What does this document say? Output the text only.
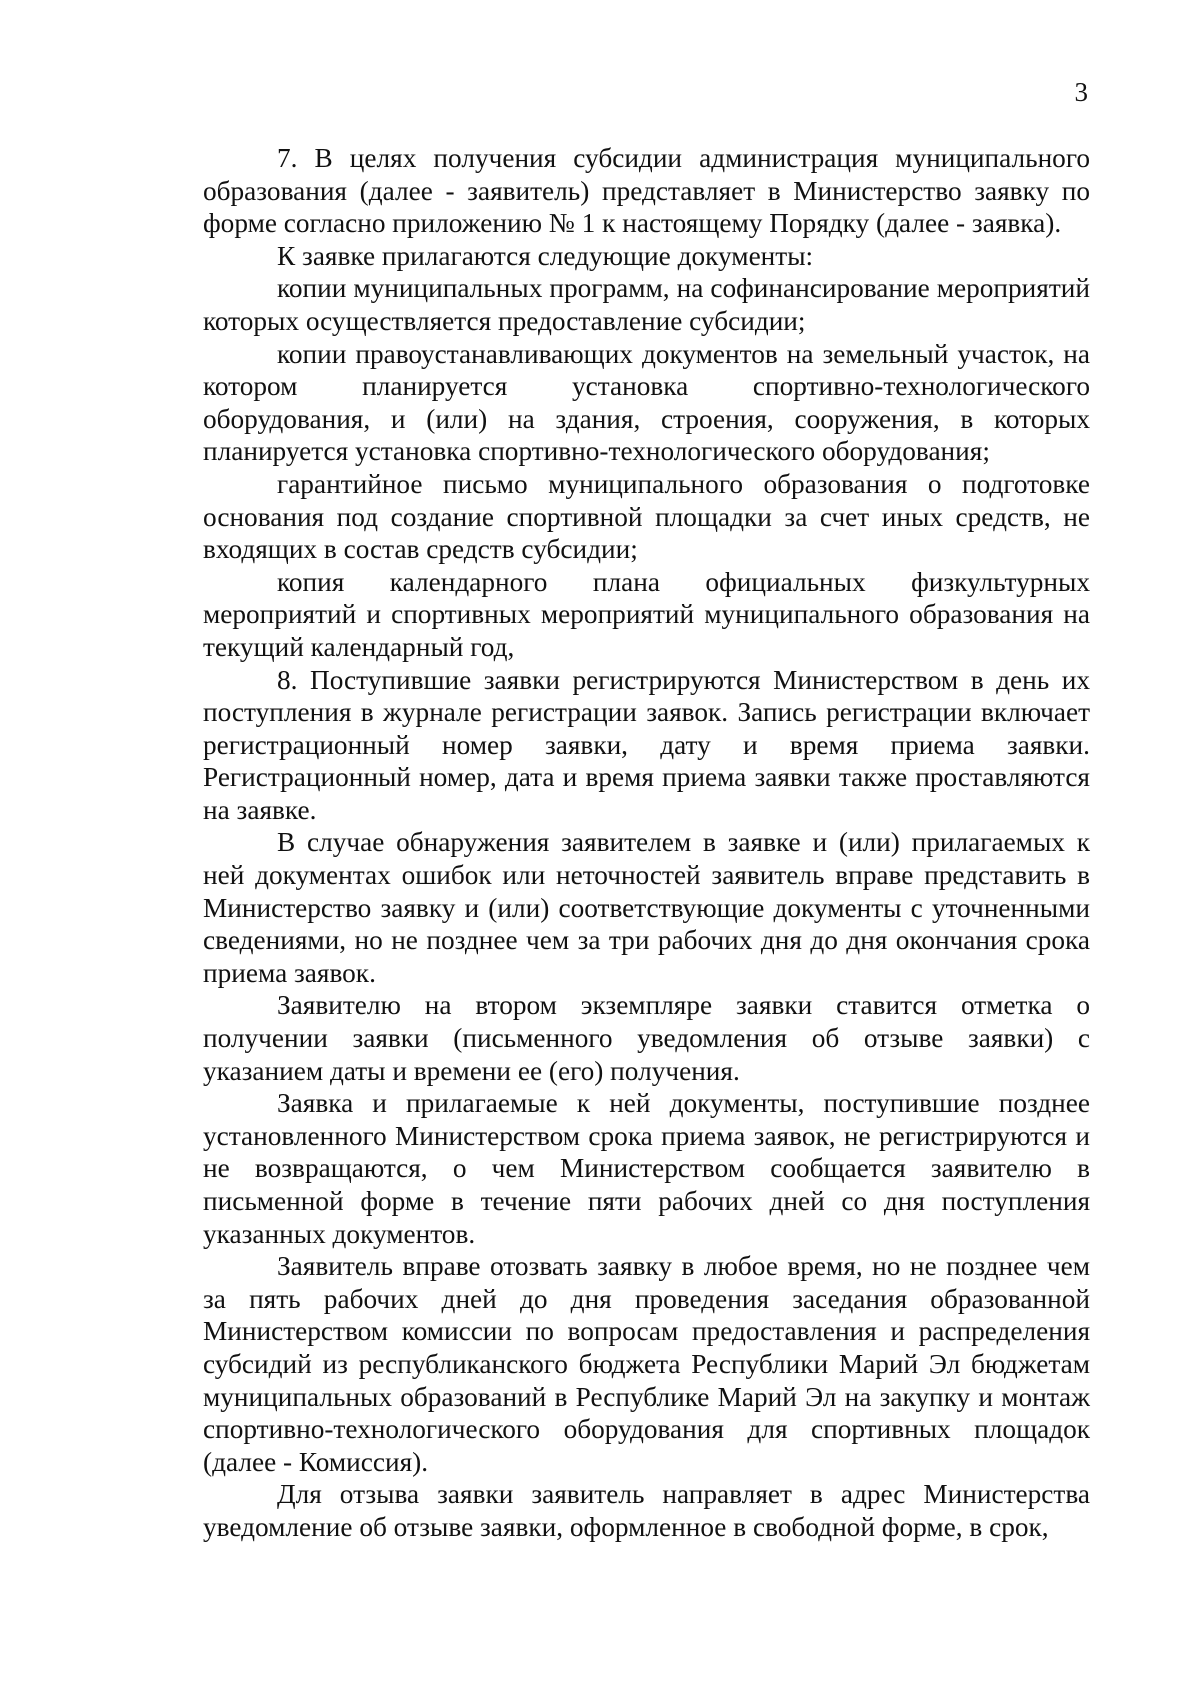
3

7. В целях получения субсидии администрация муниципального образования (далее - заявитель) представляет в Министерство заявку по форме согласно приложению № 1 к настоящему Порядку (далее - заявка).

К заявке прилагаются следующие документы:

копии муниципальных программ, на софинансирование мероприятий которых осуществляется предоставление субсидии;

копии правоустанавливающих документов на земельный участок, на котором планируется установка спортивно-технологического оборудования, и (или) на здания, строения, сооружения, в которых планируется установка спортивно-технологического оборудования;

гарантийное письмо муниципального образования о подготовке основания под создание спортивной площадки за счет иных средств, не входящих в состав средств субсидии;

копия календарного плана официальных физкультурных мероприятий и спортивных мероприятий муниципального образования на текущий календарный год,

8. Поступившие заявки регистрируются Министерством в день их поступления в журнале регистрации заявок. Запись регистрации включает регистрационный номер заявки, дату и время приема заявки. Регистрационный номер, дата и время приема заявки также проставляются на заявке.

В случае обнаружения заявителем в заявке и (или) прилагаемых к ней документах ошибок или неточностей заявитель вправе представить в Министерство заявку и (или) соответствующие документы с уточненными сведениями, но не позднее чем за три рабочих дня до дня окончания срока приема заявок.

Заявителю на втором экземпляре заявки ставится отметка о получении заявки (письменного уведомления об отзыве заявки) с указанием даты и времени ее (его) получения.

Заявка и прилагаемые к ней документы, поступившие позднее установленного Министерством срока приема заявок, не регистрируются и не возвращаются, о чем Министерством сообщается заявителю в письменной форме в течение пяти рабочих дней со дня поступления указанных документов.

Заявитель вправе отозвать заявку в любое время, но не позднее чем за пять рабочих дней до дня проведения заседания образованной Министерством комиссии по вопросам предоставления и распределения субсидий из республиканского бюджета Республики Марий Эл бюджетам муниципальных образований в Республике Марий Эл на закупку и монтаж спортивно-технологического оборудования для спортивных площадок (далее - Комиссия).

Для отзыва заявки заявитель направляет в адрес Министерства уведомление об отзыве заявки, оформленное в свободной форме, в срок,
